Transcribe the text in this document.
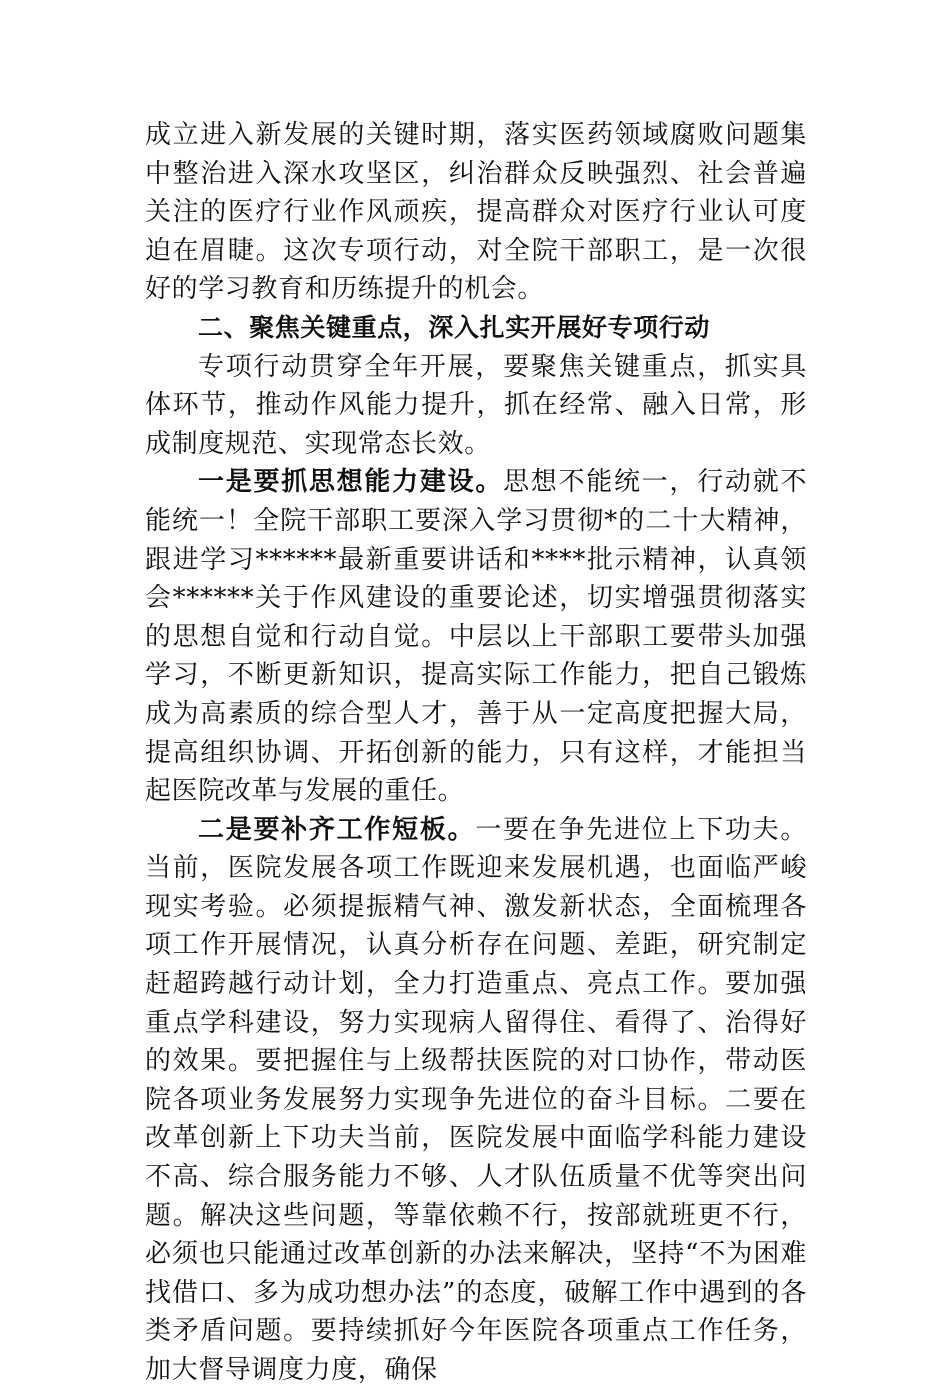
成立进入新发展的关键时期，落实医药领域腐败问题集中整治进入深水攻坚区，纠治群众反映强烈、社会普遍关注的医疗行业作风顽疾，提高群众对医疗行业认可度迫在眉睫。这次专项行动，对全院干部职工，是一次很好的学习教育和历练提升的机会。

二、聚焦关键重点，深入扎实开展好专项行动

专项行动贯穿全年开展，要聚焦关键重点，抓实具体环节，推动作风能力提升，抓在经常、融入日常，形成制度规范、实现常态长效。

一是要抓思想能力建设。思想不能统一，行动就不能统一！全院干部职工要深入学习贯彻*的二十大精神，跟进学习******最新重要讲话和****批示精神，认真领会******关于作风建设的重要论述，切实增强贯彻落实的思想自觉和行动自觉。中层以上干部职工要带头加强学习，不断更新知识，提高实际工作能力，把自己锻炼成为高素质的综合型人才，善于从一定高度把握大局，提高组织协调、开拓创新的能力，只有这样，才能担当起医院改革与发展的重任。

二是要补齐工作短板。一要在争先进位上下功夫。当前，医院发展各项工作既迎来发展机遇，也面临严峻现实考验。必须提振精气神、激发新状态，全面梳理各项工作开展情况，认真分析存在问题、差距，研究制定赶超跨越行动计划，全力打造重点、亮点工作。要加强重点学科建设，努力实现病人留得住、看得了、治得好的效果。要把握住与上级帮扶医院的对口协作，带动医院各项业务发展努力实现争先进位的奋斗目标。二要在改革创新上下功夫当前，医院发展中面临学科能力建设不高、综合服务能力不够、人才队伍质量不优等突出问题。解决这些问题，等靠依赖不行，按部就班更不行，必须也只能通过改革创新的办法来解决，坚持“不为困难找借口、多为成功想办法”的态度，破解工作中遇到的各类矛盾问题。要持续抓好今年医院各项重点工作任务，加大督导调度力度，确保
